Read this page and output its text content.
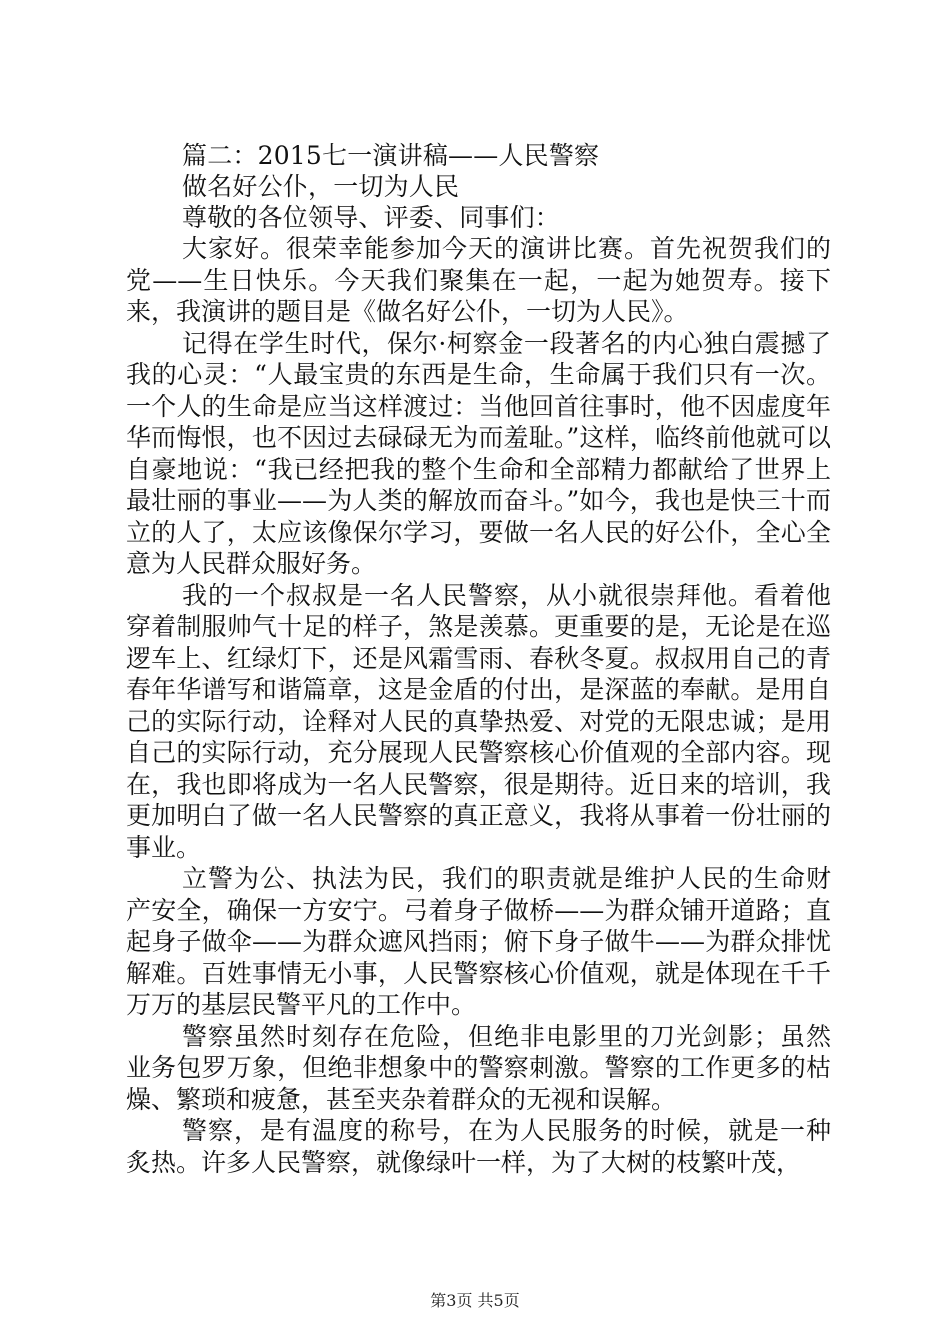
篇二：2015七一演讲稿——人民警察
做名好公仆，一切为人民
尊敬的各位领导、评委、同事们：

大家好。很荣幸能参加今天的演讲比赛。首先祝贺我们的党——生日快乐。今天我们聚集在一起，一起为她贺寿。接下来，我演讲的题目是《做名好公仆，一切为人民》。

记得在学生时代，保尔·柯察金一段著名的内心独白震撼了我的心灵：“人最宝贵的东西是生命，生命属于我们只有一次。一个人的生命是应当这样渡过：当他回首往事时，他不因虚度年华而悔恨，也不因过去碌碌无为而羞耻。”这样，临终前他就可以自豪地说：“我已经把我的整个生命和全部精力都献给了世界上最壮丽的事业——为人类的解放而奋斗。”如今，我也是快三十而立的人了，太应该像保尔学习，要做一名人民的好公仆，全心全意为人民群众服好务。

我的一个叔叔是一名人民警察，从小就很崇拜他。看着他穿着制服帅气十足的样子，煞是羡慕。更重要的是，无论是在巡逻车上、红绿灯下，还是风霜雪雨、春秋冬夏。叔叔用自己的青春年华谱写和谐篇章，这是金盾的付出，是深蓝的奉献。是用自己的实际行动，诠释对人民的真挚热爱、对党的无限忠诚；是用自己的实际行动，充分展现人民警察核心价值观的全部内容。现在，我也即将成为一名人民警察，很是期待。近日来的培训，我更加明白了做一名人民警察的真正意义，我将从事着一份壮丽的事业。

立警为公、执法为民，我们的职责就是维护人民的生命财产安全，确保一方安宁。弓着身子做桥——为群众铺开道路；直起身子做伞——为群众遮风挡雨；俯下身子做牛——为群众排忧解难。百姓事情无小事，人民警察核心价值观，就是体现在千千万万的基层民警平凡的工作中。

警察虽然时刻存在危险，但绝非电影里的刀光剑影；虽然业务包罗万象，但绝非想象中的警察刺激。警察的工作更多的枯燥、繁琐和疲惫，甚至夹杂着群众的无视和误解。

警察，是有温度的称号，在为人民服务的时候，就是一种炙热。许多人民警察，就像绿叶一样，为了大树的枝繁叶茂，

第3页 共5页
